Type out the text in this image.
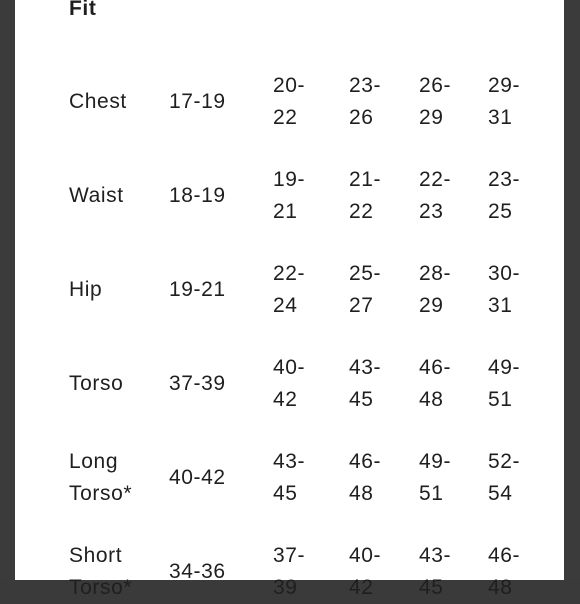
Fit
Chest 17-19
20-
22
23-
26
26-
29
29-
31
Waist 18-19
19-
21
21-
22
22-
23
23-
25
Hip	19-21
22-
24
25-
27
28-
29
30-
31
Torso 37-39
40-
42
43-
45
46-
48
49-
51
Long
Torso*
40-42
43-
45
46-
48
49-
51
52-
54
Short
Torso*
34-36
37-
39
40-
42
43-
45
46-
48
